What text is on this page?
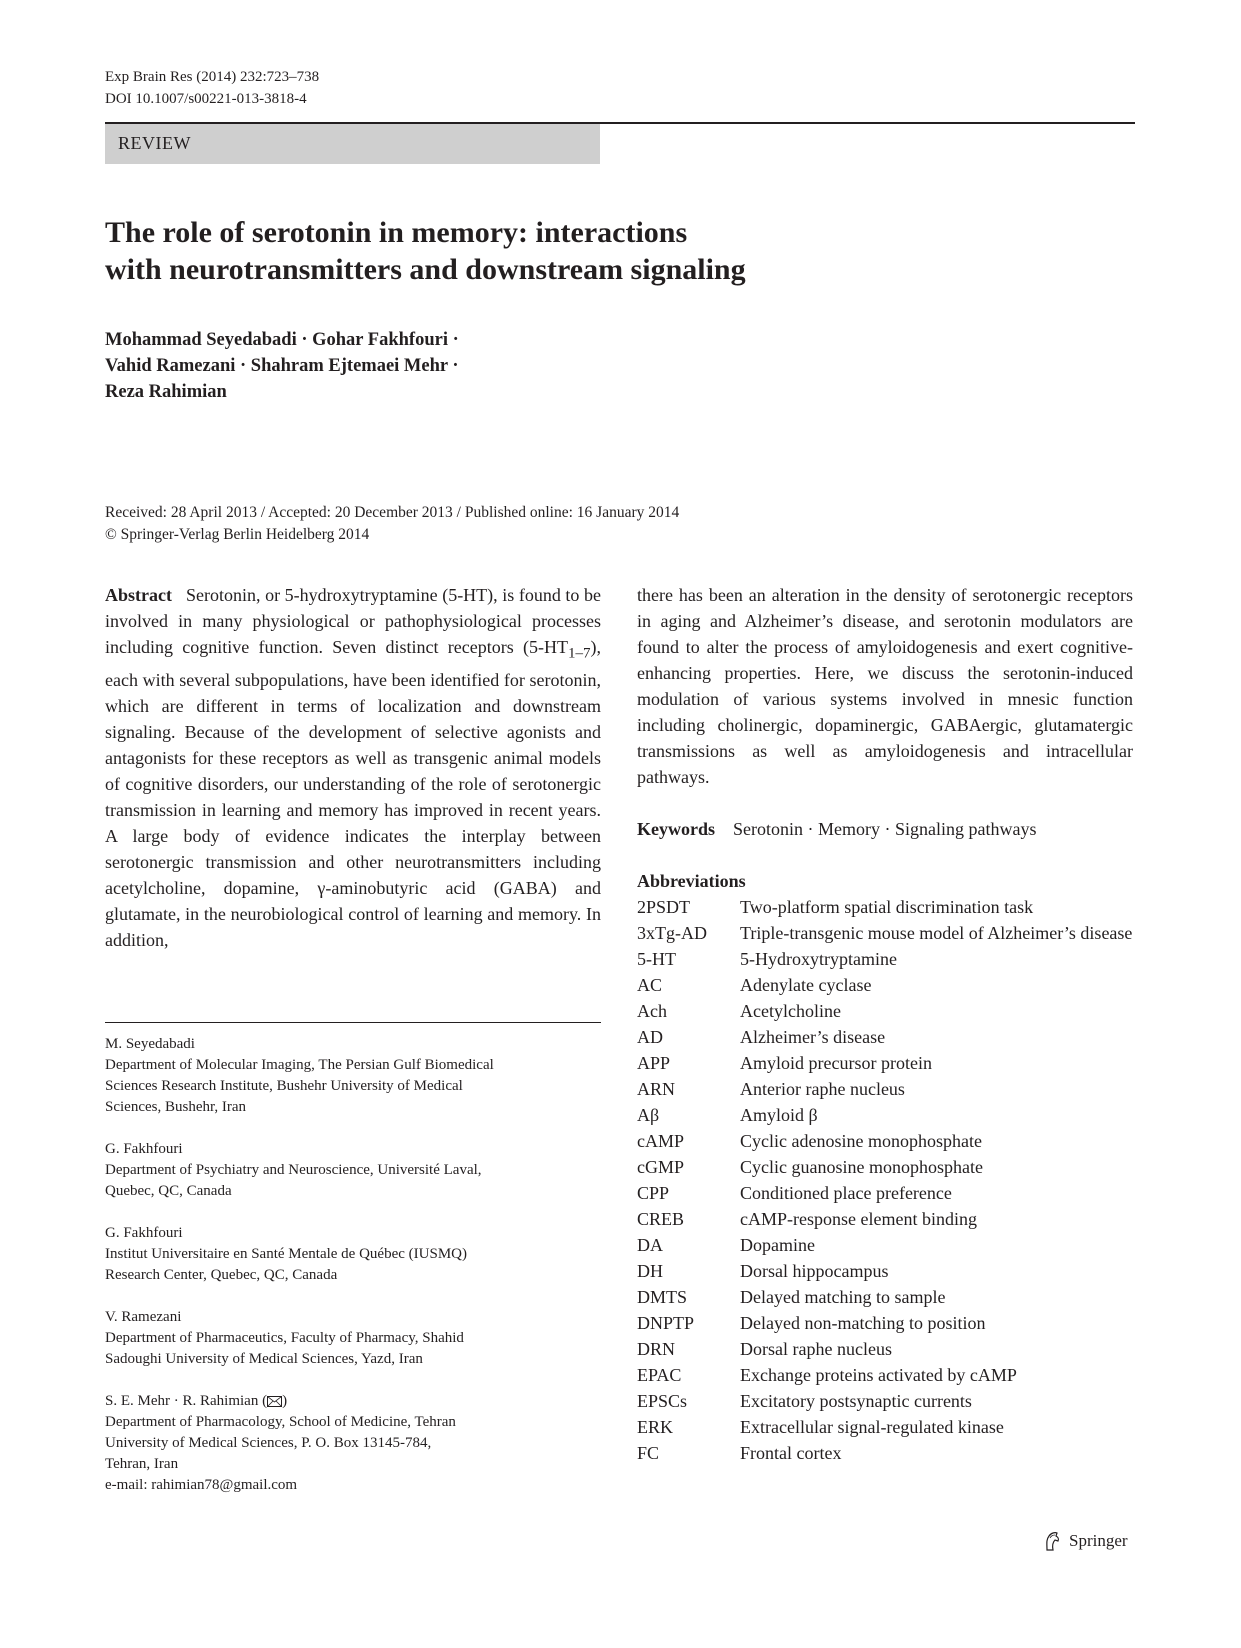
Exp Brain Res (2014) 232:723–738
DOI 10.1007/s00221-013-3818-4
REVIEW
The role of serotonin in memory: interactions
with neurotransmitters and downstream signaling
Mohammad Seyedabadi · Gohar Fakhfouri ·
Vahid Ramezani · Shahram Ejtemaei Mehr ·
Reza Rahimian
Received: 28 April 2013 / Accepted: 20 December 2013 / Published online: 16 January 2014
© Springer-Verlag Berlin Heidelberg 2014
Abstract Serotonin, or 5-hydroxytryptamine (5-HT), is found to be involved in many physiological or pathophysiological processes including cognitive function. Seven distinct receptors $(5-HT_{1-7})$, each with several subpopulations, have been identified for serotonin, which are different in terms of localization and downstream signaling. Because of the development of selective agonists and antagonists for these receptors as well as transgenic animal models of cognitive disorders, our understanding of the role of serotonergic transmission in learning and memory has improved in recent years. A large body of evidence indicates the interplay between serotonergic transmission and other neurotransmitters including acetylcholine, dopamine, γ-aminobutyric acid (GABA) and glutamate, in the neurobiological control of learning and memory. In addition,
there has been an alteration in the density of serotonergic receptors in aging and Alzheimer’s disease, and serotonin modulators are found to alter the process of amyloidogenesis and exert cognitive-enhancing properties. Here, we discuss the serotonin-induced modulation of various systems involved in mnesic function including cholinergic, dopaminergic, GABAergic, glutamatergic transmissions as well as amyloidogenesis and intracellular pathways.
Keywords Serotonin · Memory · Signaling pathways
Abbreviations
2PSDT	Two-platform spatial discrimination task
3xTg-AD	Triple-transgenic mouse model of Alzheimer’s disease
5-HT	5-Hydroxytryptamine
AC	Adenylate cyclase
Ach	Acetylcholine
AD	Alzheimer’s disease
APP	Amyloid precursor protein
ARN	Anterior raphe nucleus
Aβ	Amyloid β
cAMP	Cyclic adenosine monophosphate
cGMP	Cyclic guanosine monophosphate
CPP	Conditioned place preference
CREB	cAMP-response element binding
DA	Dopamine
DH	Dorsal hippocampus
DMTS	Delayed matching to sample
DNPTP	Delayed non-matching to position
DRN	Dorsal raphe nucleus
EPAC	Exchange proteins activated by cAMP
EPSCs	Excitatory postsynaptic currents
ERK	Extracellular signal-regulated kinase
FC	Frontal cortex
M. Seyedabadi
Department of Molecular Imaging, The Persian Gulf Biomedical
Sciences Research Institute, Bushehr University of Medical
Sciences, Bushehr, Iran
G. Fakhfouri
Department of Psychiatry and Neuroscience, Université Laval,
Quebec, QC, Canada
G. Fakhfouri
Institut Universitaire en Santé Mentale de Québec (IUSMQ)
Research Center, Quebec, QC, Canada
V. Ramezani
Department of Pharmaceutics, Faculty of Pharmacy, Shahid
Sadoughi University of Medical Sciences, Yazd, Iran
S. E. Mehr · R. Rahimian ( )
Department of Pharmacology, School of Medicine, Tehran
University of Medical Sciences, P. O. Box 13145-784,
Tehran, Iran
e-mail: rahimian78@gmail.com
Springer
